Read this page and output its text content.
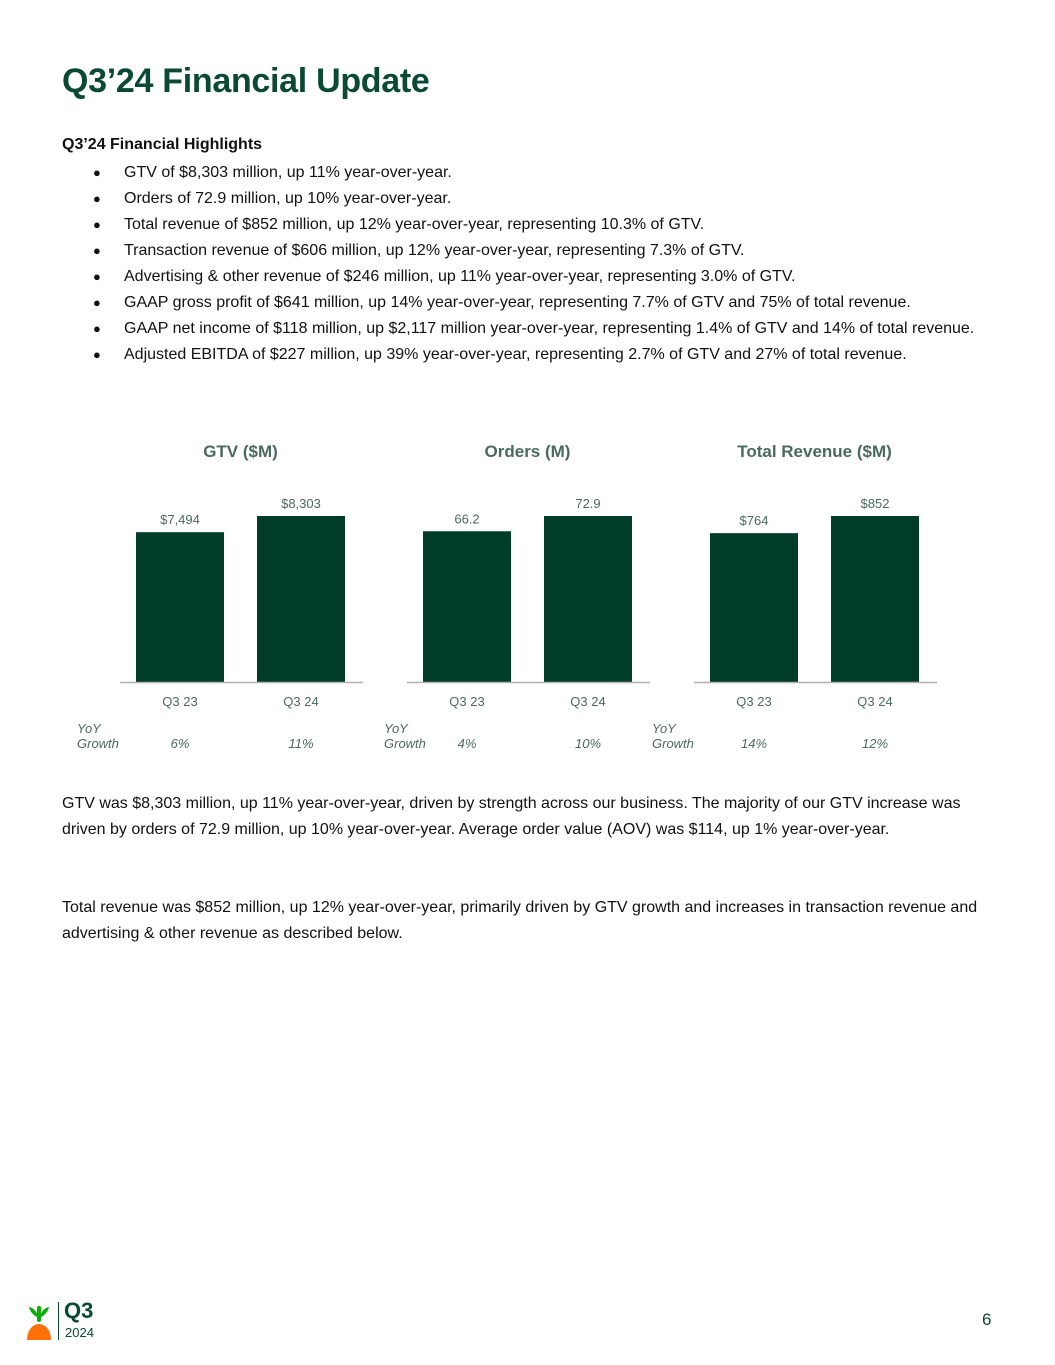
Q3’24 Financial Update
Q3’24 Financial Highlights
● GTV of $8,303 million, up 11% year-over-year.
● Orders of 72.9 million, up 10% year-over-year.
● Total revenue of $852 million, up 12% year-over-year, representing 10.3% of GTV.
● Transaction revenue of $606 million, up 12% year-over-year, representing 7.3% of GTV.
● Advertising & other revenue of $246 million, up 11% year-over-year, representing 3.0% of GTV.
● GAAP gross profit of $641 million, up 14% year-over-year, representing 7.7% of GTV and 75% of total revenue.
● GAAP net income of $118 million, up $2,117 million year-over-year, representing 1.4% of GTV and 14% of total revenue.
● Adjusted EBITDA of $227 million, up 39% year-over-year, representing 2.7% of GTV and 27% of total revenue.
GTV ($M)
$7,494
Q3 23
6%
$8,303
Q3 24
11%
YoY
Growth
Orders (M)
66.2
Q3 23
4%
72.9
Q3 24
10%
YoY
Growth
Total Revenue ($M)
$764
Q3 23
14%
$852
Q3 24
12%
YoY
Growth

GTV was $8,303 million, up 11% year-over-year, driven by strength across our business. The majority of our GTV increase was driven by orders of 72.9 million, up 10% year-over-year. Average order value (AOV) was $114, up 1% year-over-year.

Total revenue was $852 million, up 12% year-over-year, primarily driven by GTV growth and increases in transaction revenue and advertising & other revenue as described below.

Q3
2024
6
